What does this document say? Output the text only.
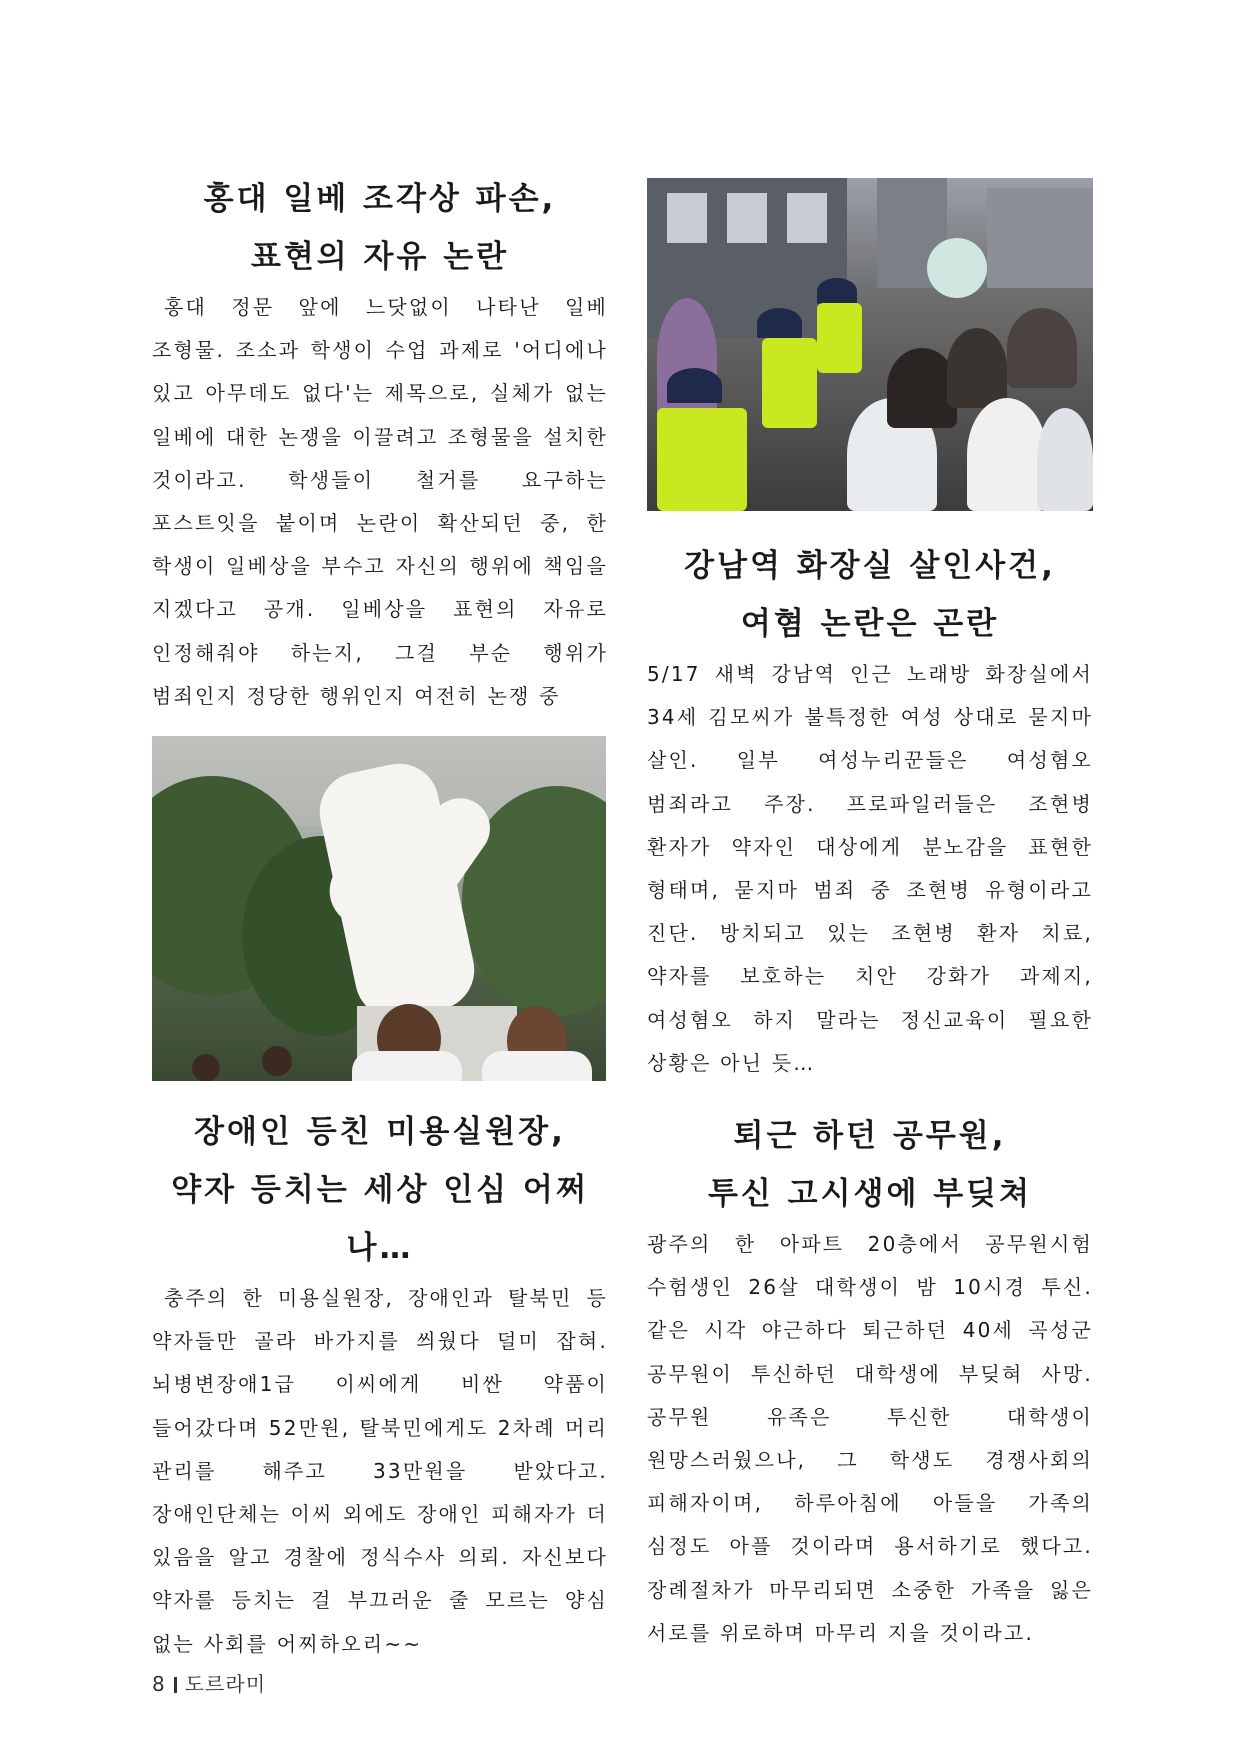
홍대 일베 조각상 파손,
표현의 자유 논란

홍대 정문 앞에 느닷없이 나타난 일베 조형물. 조소과 학생이 수업 과제로 '어디에나 있고 아무데도 없다'는 제목으로, 실체가 없는 일베에 대한 논쟁을 이끌려고 조형물을 설치한 것이라고. 학생들이 철거를 요구하는 포스트잇을 붙이며 논란이 확산되던 중, 한 학생이 일베상을 부수고 자신의 행위에 책임을 지겠다고 공개. 일베상을 표현의 자유로 인정해줘야 하는지, 그걸 부순 행위가 범죄인지 정당한 행위인지 여전히 논쟁 중

장애인 등친 미용실원장,
약자 등치는 세상 인심 어쩌나…

충주의 한 미용실원장, 장애인과 탈북민 등 약자들만 골라 바가지를 씌웠다 덜미 잡혀. 뇌병변장애1급 이씨에게 비싼 약품이 들어갔다며 52만원, 탈북민에게도 2차례 머리 관리를 해주고 33만원을 받았다고. 장애인단체는 이씨 외에도 장애인 피해자가 더 있음을 알고 경찰에 정식수사 의뢰. 자신보다 약자를 등치는 걸 부끄러운 줄 모르는 양심 없는 사회를 어찌하오리~~

강남역 화장실 살인사건,
여혐 논란은 곤란

5/17 새벽 강남역 인근 노래방 화장실에서 34세 김모씨가 불특정한 여성 상대로 묻지마 살인. 일부 여성누리꾼들은 여성혐오 범죄라고 주장. 프로파일러들은 조현병 환자가 약자인 대상에게 분노감을 표현한 형태며, 묻지마 범죄 중 조현병 유형이라고 진단. 방치되고 있는 조현병 환자 치료, 약자를 보호하는 치안 강화가 과제지, 여성혐오 하지 말라는 정신교육이 필요한 상황은 아닌 듯…

퇴근 하던 공무원,
투신 고시생에 부딪쳐

광주의 한 아파트 20층에서 공무원시험 수험생인 26살 대학생이 밤 10시경 투신. 같은 시각 야근하다 퇴근하던 40세 곡성군 공무원이 투신하던 대학생에 부딪혀 사망. 공무원 유족은 투신한 대학생이 원망스러웠으나, 그 학생도 경쟁사회의 피해자이며, 하루아침에 아들을 가족의 심정도 아플 것이라며 용서하기로 했다고. 장례절차가 마무리되면 소중한 가족을 잃은 서로를 위로하며 마무리 지을 것이라고.

8 도르라미
